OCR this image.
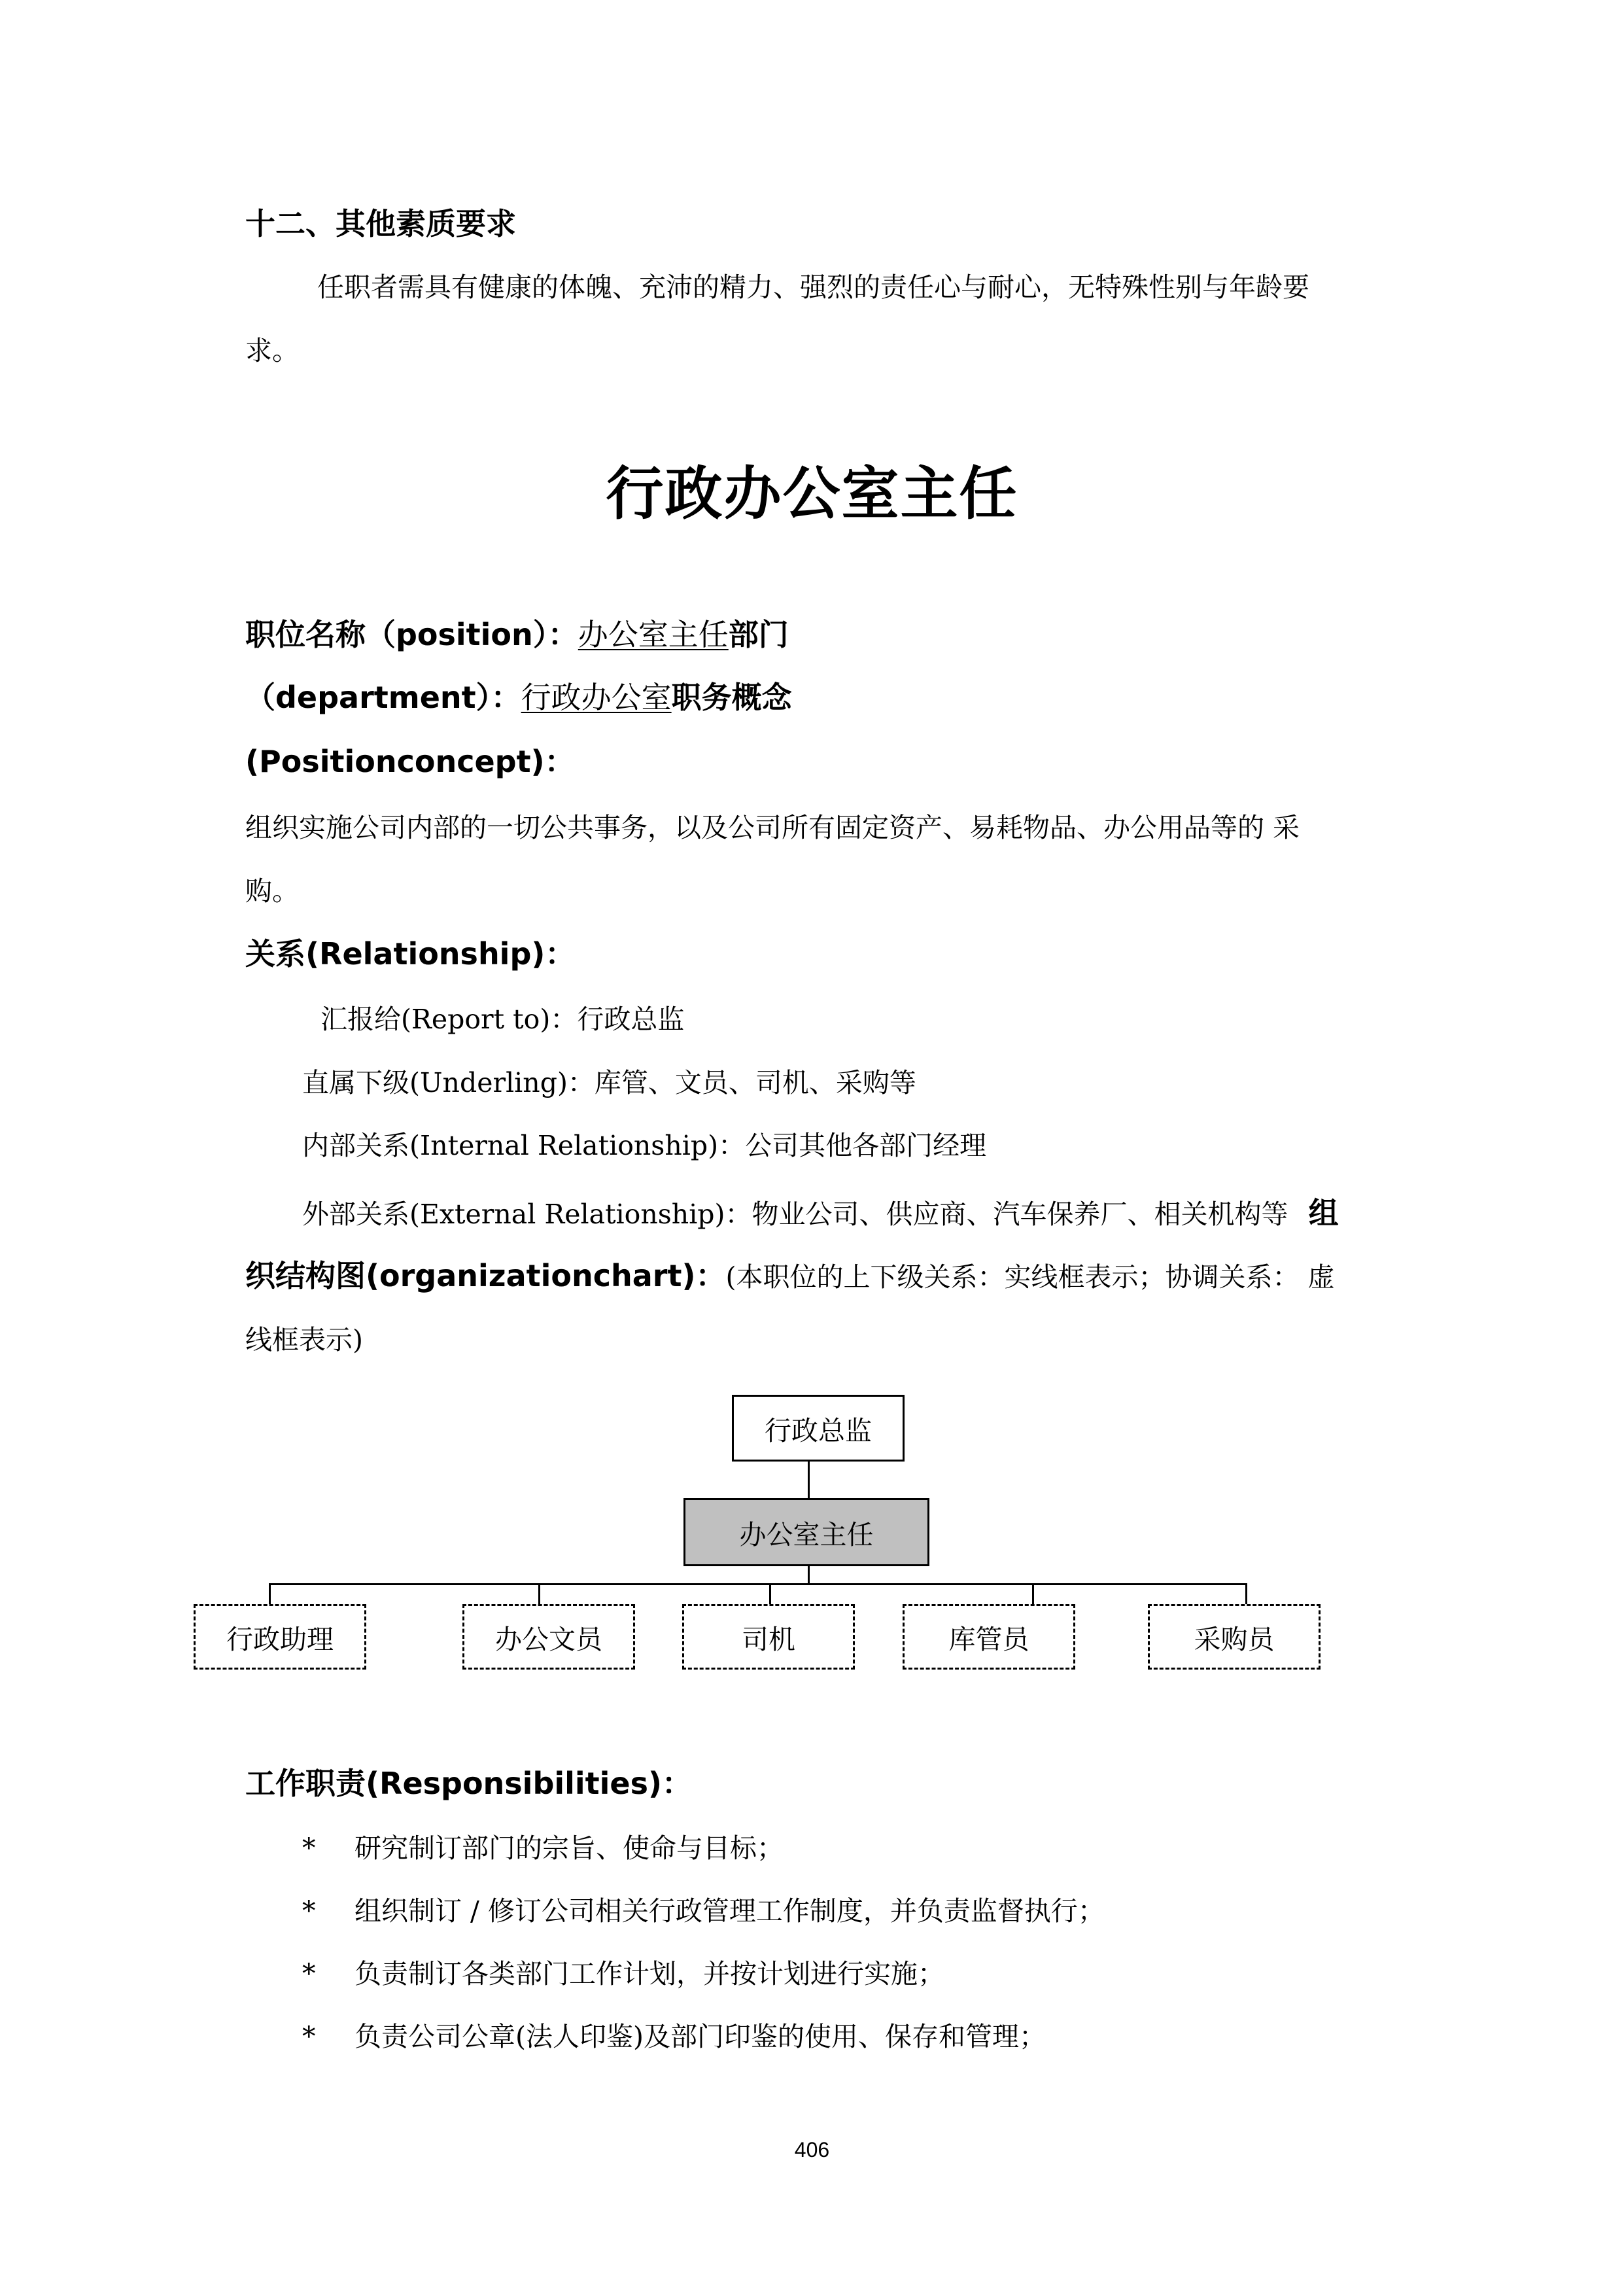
十二、其他素质要求
任职者需具有健康的体魄、充沛的精力、强烈的责任心与耐心，无特殊性别与年龄要
求。
行政办公室主任
职位名称（position）：办公室主任部门
（department）：行政办公室职务概念
(Positionconcept)：
组织实施公司内部的一切公共事务，以及公司所有固定资产、易耗物品、办公用品等的 采
购。
关系(Relationship)：
汇报给(Report to)：行政总监
直属下级(Underling)：库管、文员、司机、采购等
内部关系(Internal Relationship)：公司其他各部门经理
外部关系(External Relationship)：物业公司、供应商、汽车保养厂、相关机构等 组
织结构图(organizationchart)：(本职位的上下级关系：实线框表示；协调关系： 虚
线框表示)
行政总监
办公室主任
行政助理	办公文员	司机	库管员	采购员
工作职责(Responsibilities)：
* 研究制订部门的宗旨、使命与目标；
* 组织制订 / 修订公司相关行政管理工作制度，并负责监督执行；
* 负责制订各类部门工作计划，并按计划进行实施；
* 负责公司公章(法人印鉴)及部门印鉴的使用、保存和管理；
406
